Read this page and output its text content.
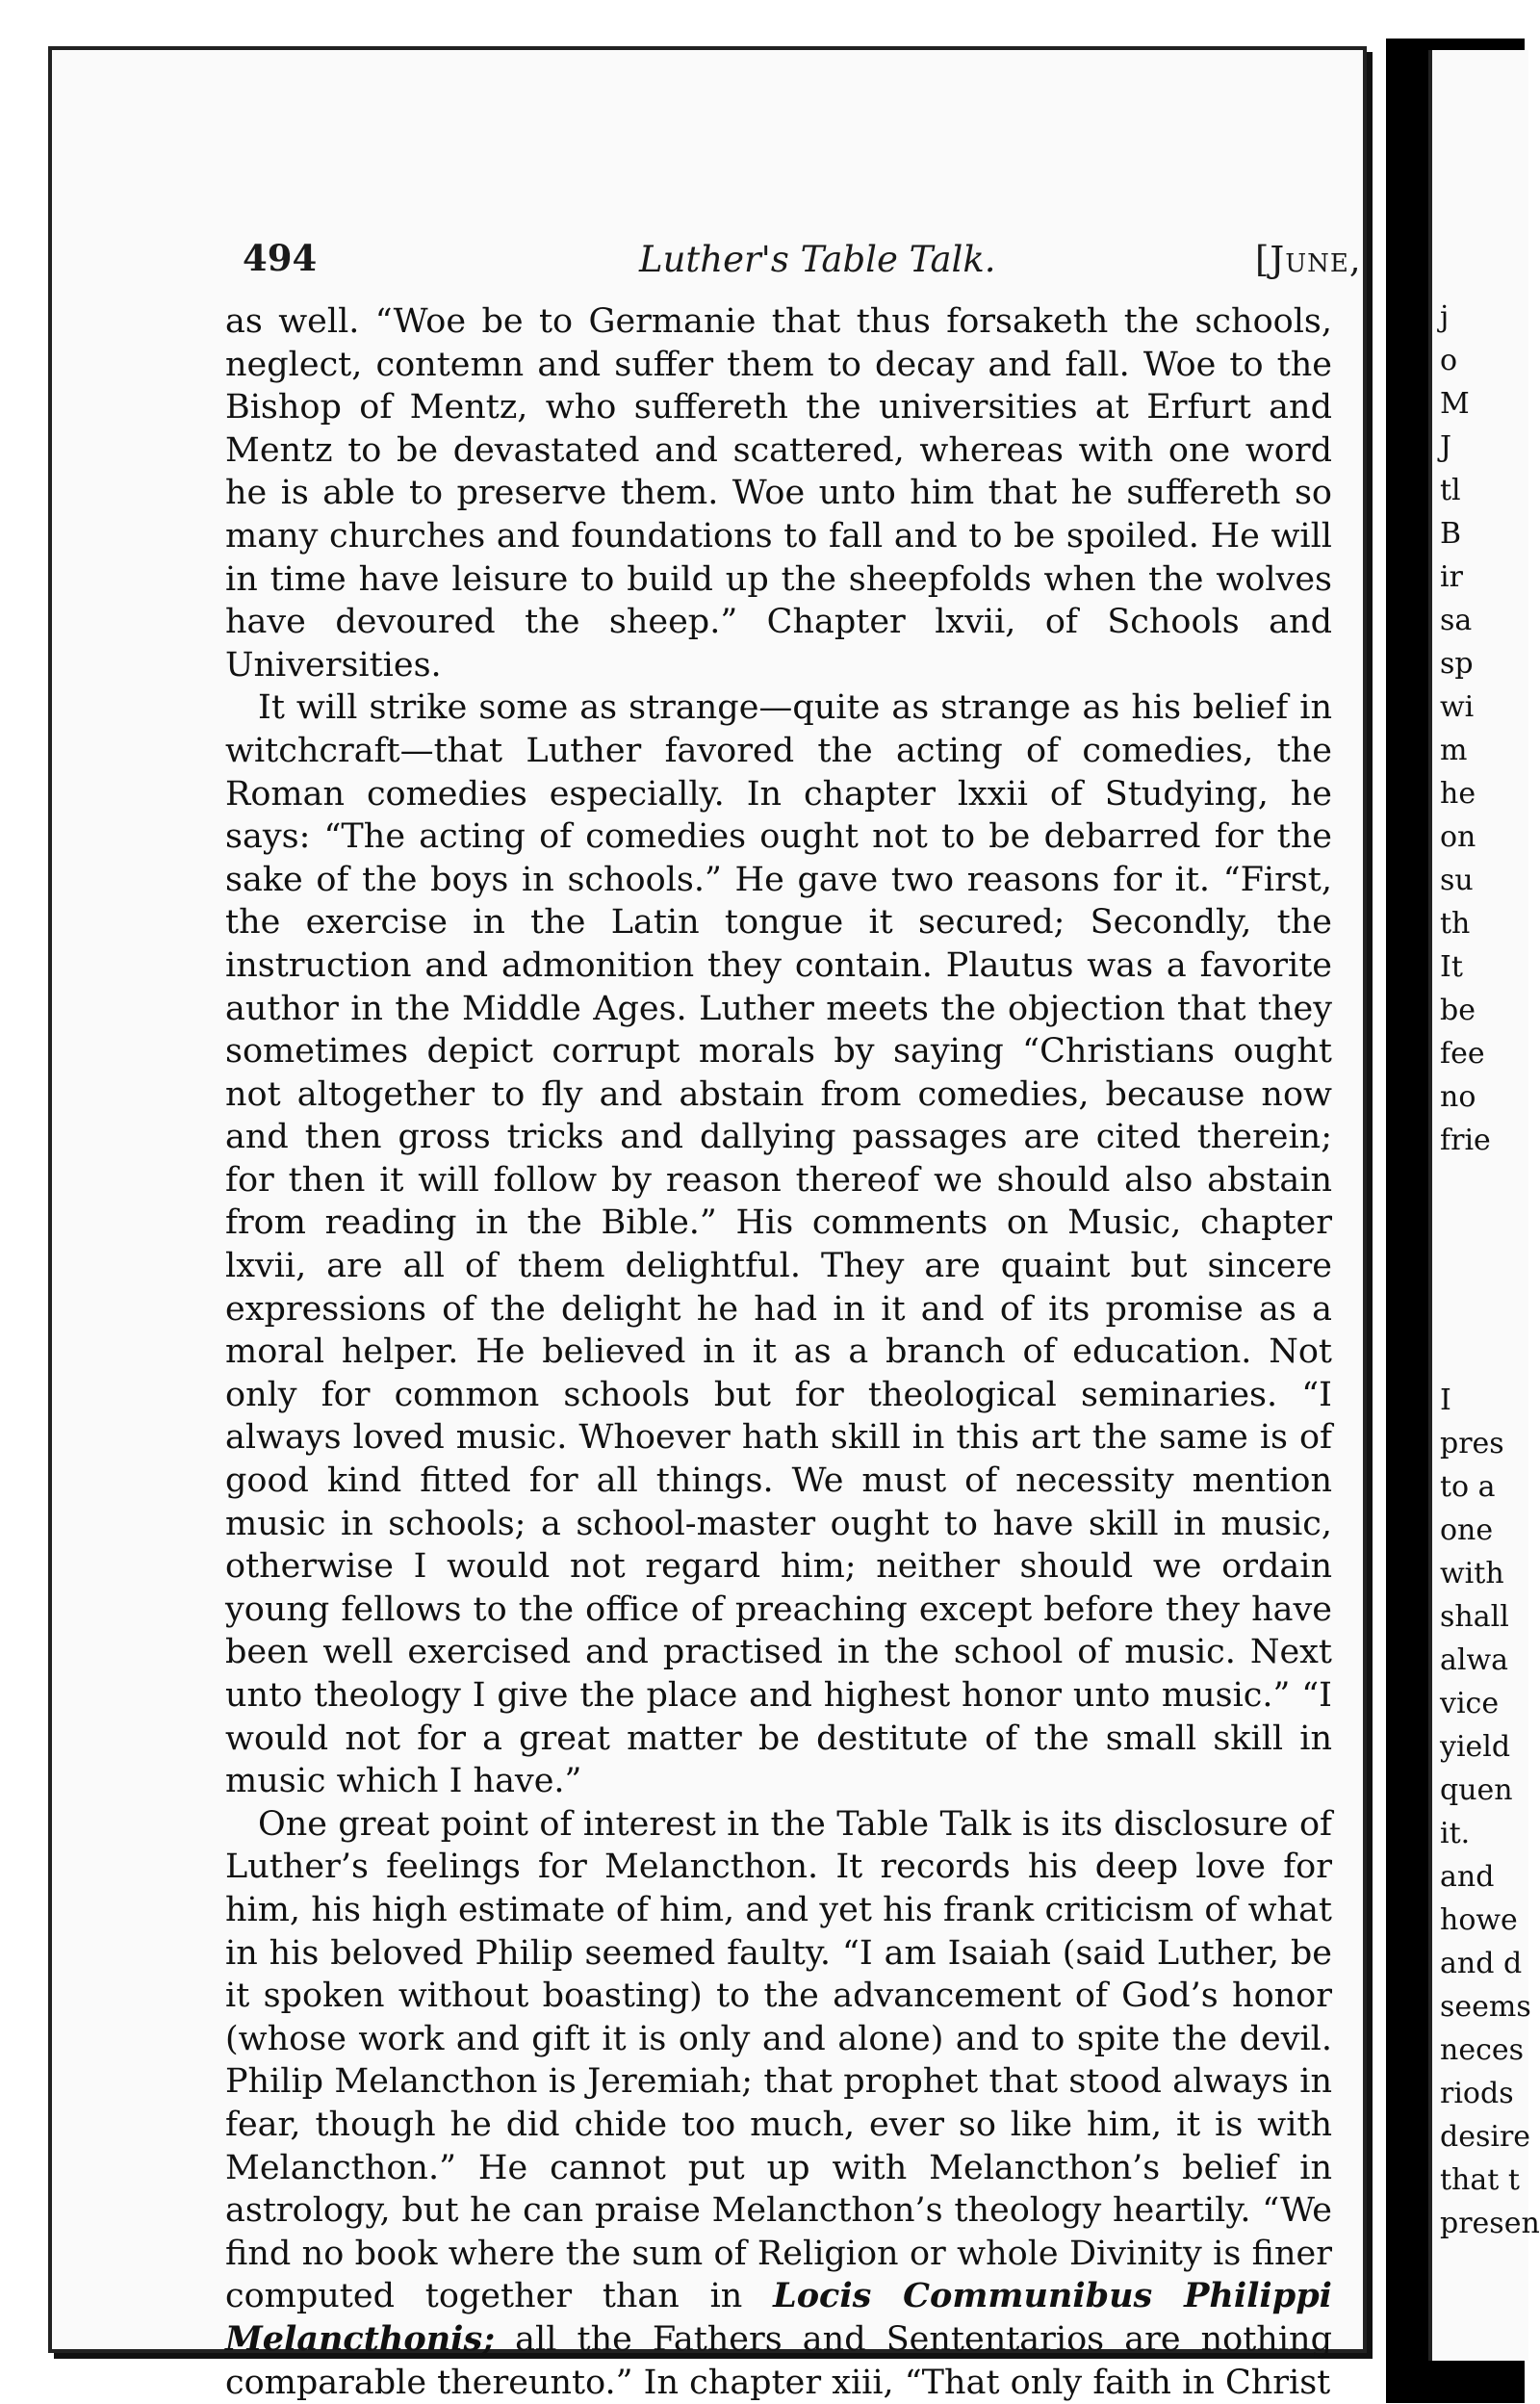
494	Luther's Table Talk.	[June,

as well. “Woe be to Germanie that thus forsaketh the schools, neglect, contemn and suffer them to decay and fall. Woe to the Bishop of Mentz, who suffereth the universities at Erfurt and Mentz to be devastated and scattered, whereas with one word he is able to preserve them. Woe unto him that he suffereth so many churches and foundations to fall and to be spoiled. He will in time have leisure to build up the sheepfolds when the wolves have devoured the sheep.” Chapter lxvii, of Schools and Universities.

It will strike some as strange—quite as strange as his belief in witchcraft—that Luther favored the acting of comedies, the Roman comedies especially. In chapter lxxii of Studying, he says: “The acting of comedies ought not to be debarred for the sake of the boys in schools.” He gave two reasons for it. “First, the exercise in the Latin tongue it secured; Secondly, the instruction and admonition they contain. Plautus was a favorite author in the Middle Ages. Luther meets the objection that they sometimes depict corrupt morals by saying “Christians ought not altogether to fly and abstain from comedies, because now and then gross tricks and dallying passages are cited therein; for then it will follow by reason thereof we should also abstain from reading in the Bible.” His comments on Music, chapter lxvii, are all of them delightful. They are quaint but sincere expressions of the delight he had in it and of its promise as a moral helper. He believed in it as a branch of education. Not only for common schools but for theological seminaries. “I always loved music. Whoever hath skill in this art the same is of good kind fitted for all things. We must of necessity mention music in schools; a school-master ought to have skill in music, otherwise I would not regard him; neither should we ordain young fellows to the office of preaching except before they have been well exercised and practised in the school of music. Next unto theology I give the place and highest honor unto music.” “I would not for a great matter be destitute of the small skill in music which I have.”

One great point of interest in the Table Talk is its disclosure of Luther’s feelings for Melancthon. It records his deep love for him, his high estimate of him, and yet his frank criticism of what in his beloved Philip seemed faulty. “I am Isaiah (said Luther, be it spoken without boasting) to the advancement of God’s honor (whose work and gift it is only and alone) and to spite the devil. Philip Melancthon is Jeremiah; that prophet that stood always in fear, though he did chide too much, ever so like him, it is with Melancthon.” He cannot put up with Melancthon’s belief in astrology, but he can praise Melancthon’s theology heartily. “We find no book where the sum of Religion or whole Divinity is finer computed together than in Locis Communibus Philippi Melancthonis; all the Fathers and Sententarios are nothing comparable thereunto.” In chapter xiii, “That only faith in Christ

j
o
M
J
tl
B
ir
sa
sp
wi
m
he
on
su
th
It
be
fee
no
frie
I
pres
to a
one
with
shall
alwa
vice
yield
quen
it.
and
howe
and d
seems
neces
riods
desire
that t
presen
